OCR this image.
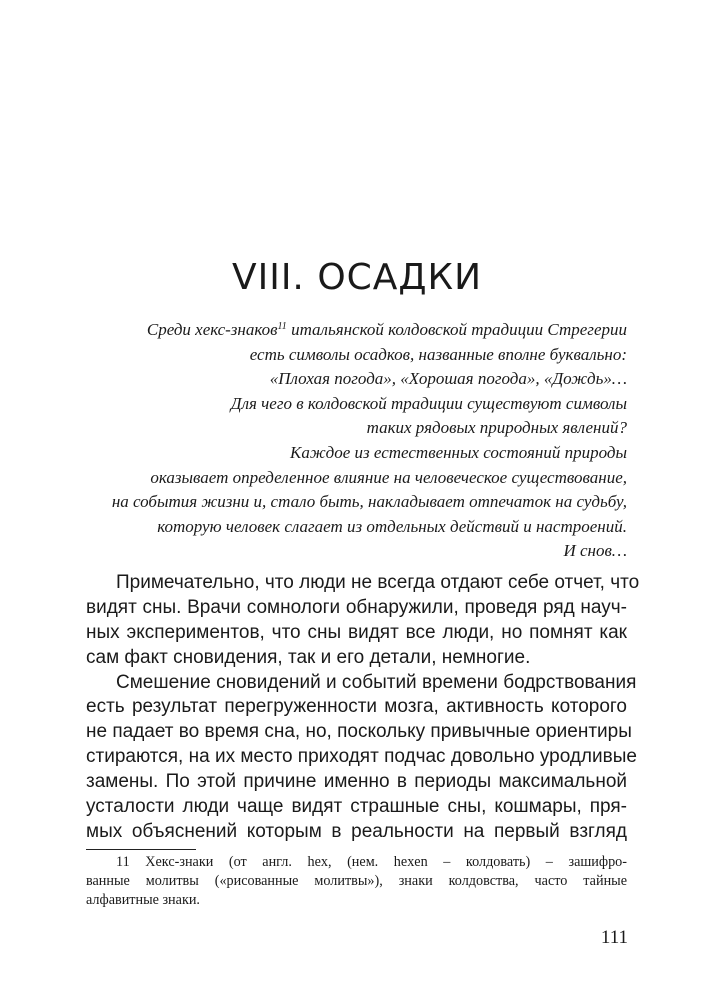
VIII. ОСАДКИ
Среди хекс-знаков$^{11}$ итальянской колдовской традиции Стрегерии
есть символы осадков, названные вполне буквально:
«Плохая погода», «Хорошая погода», «Дождь»…
Для чего в колдовской традиции существуют символы
таких рядовых природных явлений?
Каждое из естественных состояний природы
оказывает определенное влияние на человеческое существование,
на события жизни и, стало быть, накладывает отпечаток на судьбу,
которую человек слагает из отдельных действий и настроений.
И снов…
Примечательно, что люди не всегда отдают себе отчет, что
видят сны. Врачи сомнологи обнаружили, проведя ряд науч-
ных экспериментов, что сны видят все люди, но помнят как
сам факт сновидения, так и его детали, немногие.
Смешение сновидений и событий времени бодрствования
есть результат перегруженности мозга, активность которого
не падает во время сна, но, поскольку привычные ориентиры
стираются, на их место приходят подчас довольно уродливые
замены. По этой причине именно в периоды максимальной
усталости люди чаще видят страшные сны, кошмары, пря-
мых объяснений которым в реальности на первый взгляд
11 Хекс-знаки (от англ. hex, (нем. hexen – колдовать) – зашифро-
ванные молитвы («рисованные молитвы»), знаки колдовства, часто тайные
алфавитные знаки.
111
